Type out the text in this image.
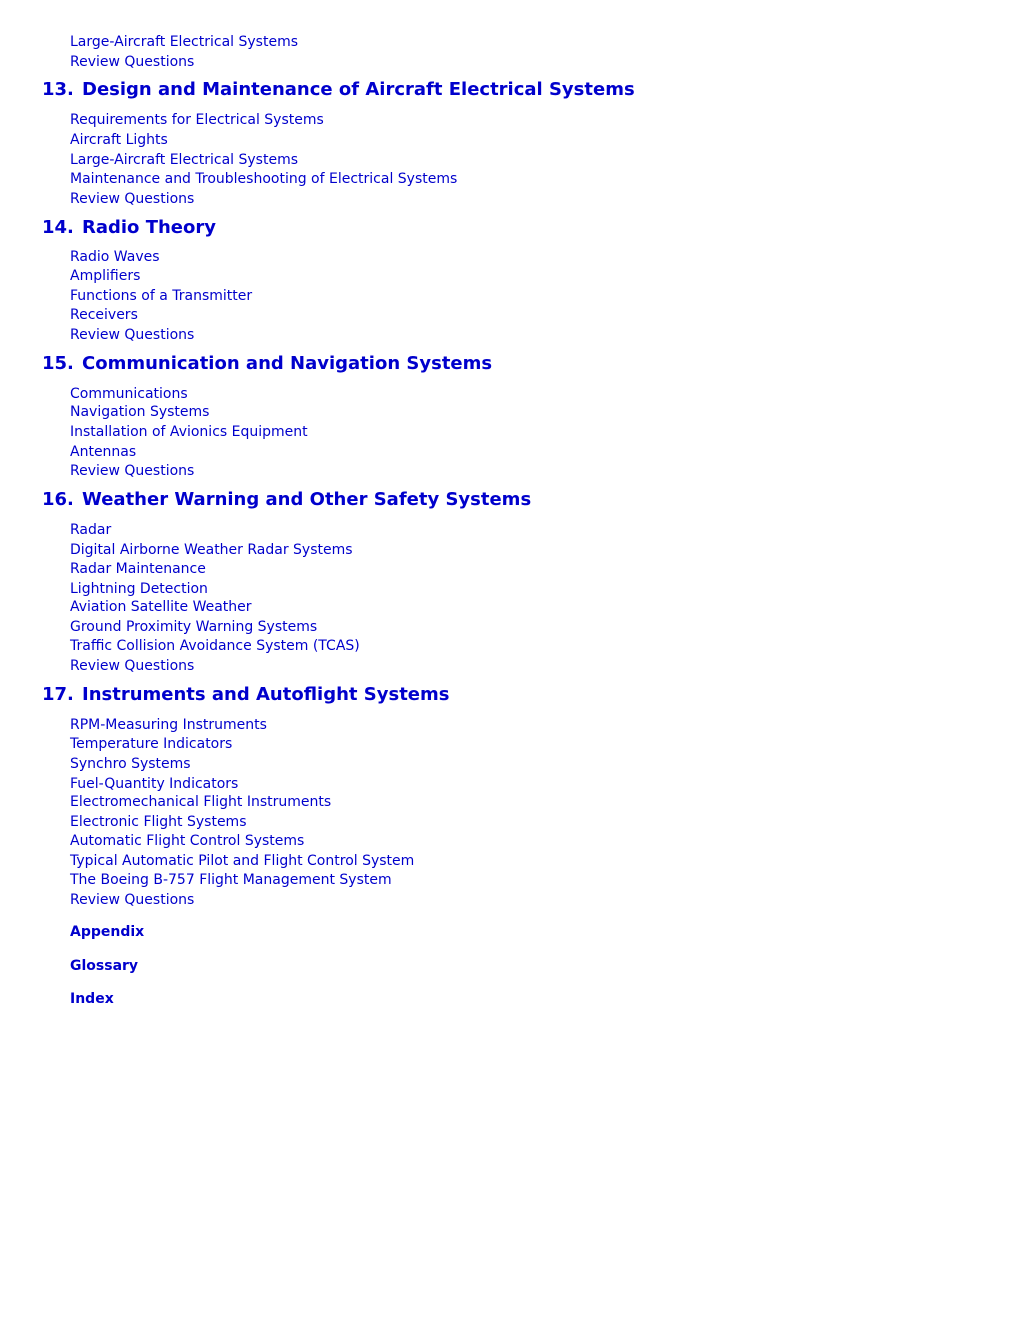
Large-Aircraft Electrical Systems
Review Questions
13. Design and Maintenance of Aircraft Electrical Systems
Requirements for Electrical Systems
Aircraft Lights
Large-Aircraft Electrical Systems
Maintenance and Troubleshooting of Electrical Systems
Review Questions
14. Radio Theory
Radio Waves
Amplifiers
Functions of a Transmitter
Receivers
Review Questions
15. Communication and Navigation Systems
Communications
Navigation Systems
Installation of Avionics Equipment
Antennas
Review Questions
16. Weather Warning and Other Safety Systems
Radar
Digital Airborne Weather Radar Systems
Radar Maintenance
Lightning Detection
Aviation Satellite Weather
Ground Proximity Warning Systems
Traffic Collision Avoidance System (TCAS)
Review Questions
17. Instruments and Autoflight Systems
RPM-Measuring Instruments
Temperature Indicators
Synchro Systems
Fuel-Quantity Indicators
Electromechanical Flight Instruments
Electronic Flight Systems
Automatic Flight Control Systems
Typical Automatic Pilot and Flight Control System
The Boeing B-757 Flight Management System
Review Questions
Appendix
Glossary
Index
